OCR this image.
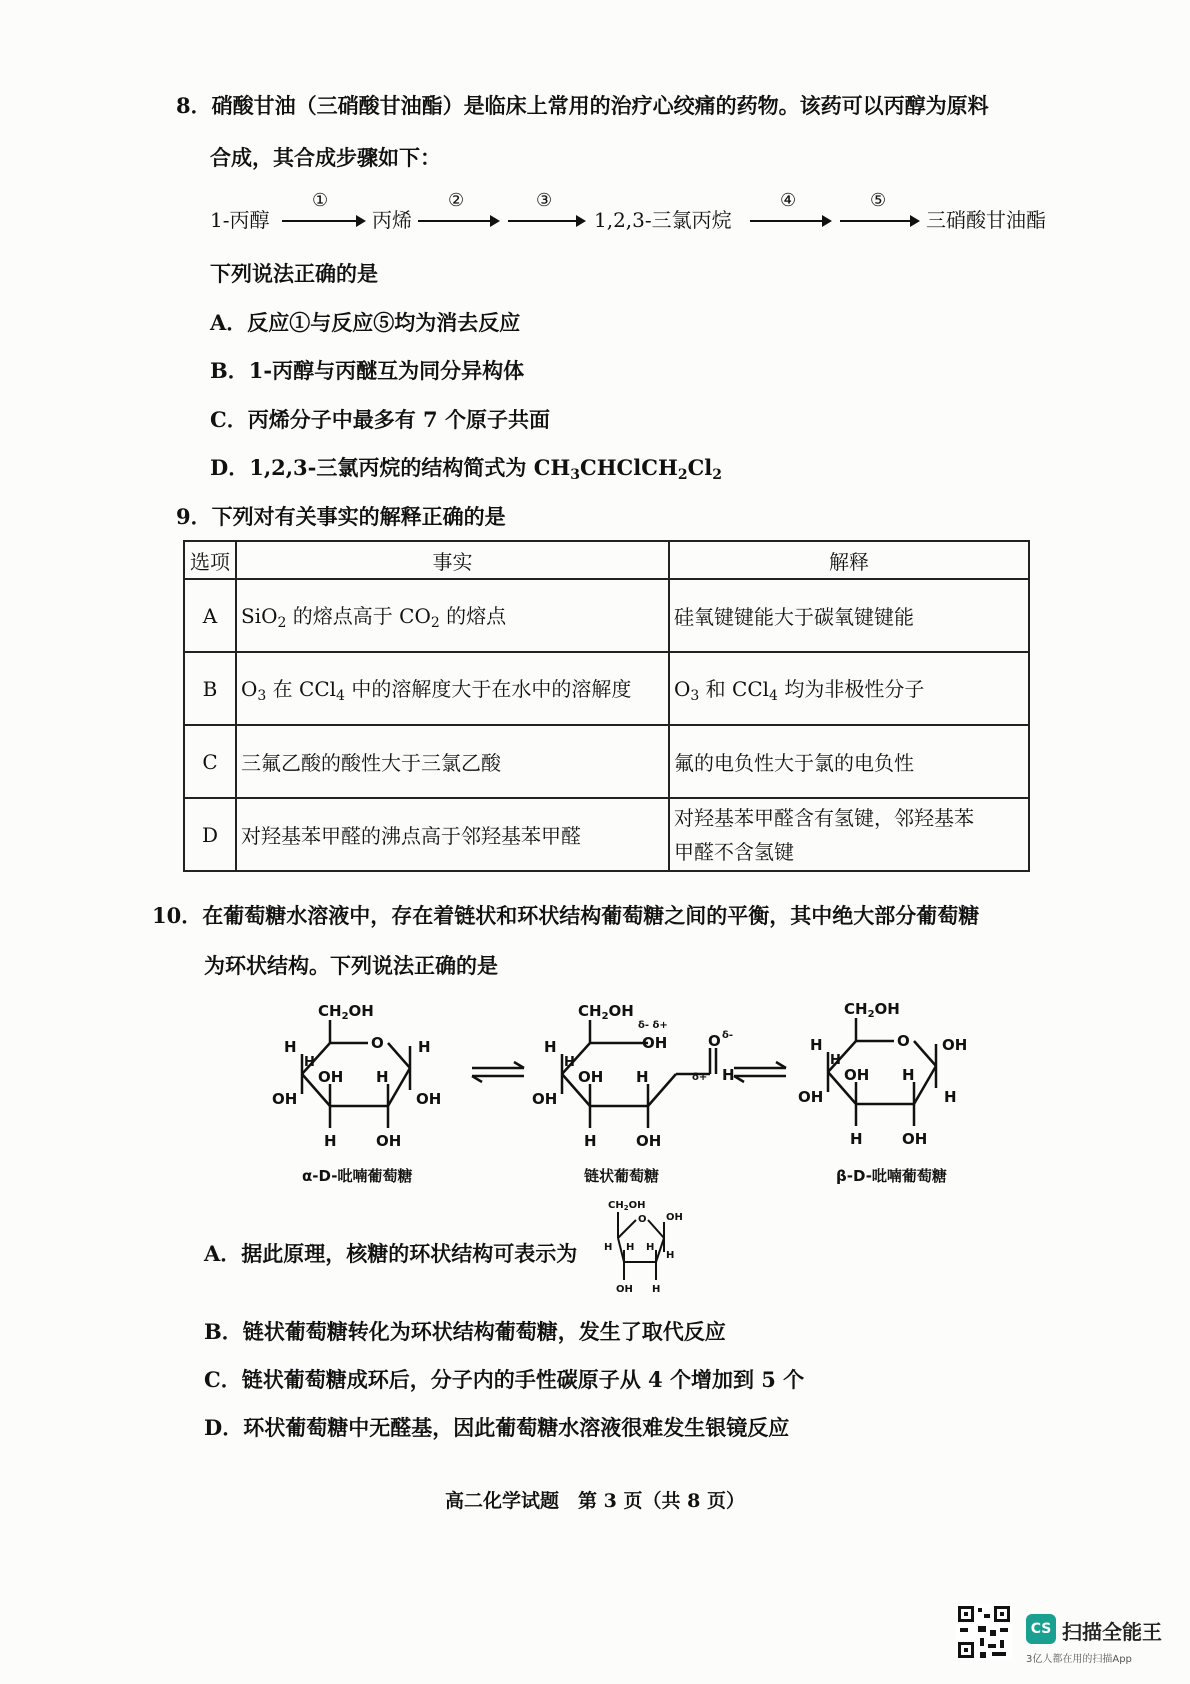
8．硝酸甘油（三硝酸甘油酯）是临床上常用的治疗心绞痛的药物。该药可以丙醇为原料
合成，其合成步骤如下：
1-丙醇
①
丙烯
②	③
1,2,3-三氯丙烷
④	⑤
三硝酸甘油酯
下列说法正确的是
A．反应①与反应⑤均为消去反应
B．1-丙醇与丙醚互为同分异构体
C．丙烯分子中最多有 7 个原子共面
D．1,2,3-三氯丙烷的结构简式为 $CH_3CHClCH_2Cl_2$
9．下列对有关事实的解释正确的是
选项	事实	解释
A	SiO$_2$ 的熔点高于 $CO_2$ 的熔点	硅氧键键能大于碳氧键键能
B	$O_3$ 在 CCl$_4$ 中的溶解度大于在水中的溶解度	$O_3$ 和 CCl$_4$ 均为非极性分子
C	三氟乙酸的酸性大于三氯乙酸	氟的电负性大于氯的电负性
D	对羟基苯甲醛的沸点高于邻羟基苯甲醛	对羟基苯甲醛含有氢键，邻羟基苯
甲醛不含氢键
10．在葡萄糖水溶液中，存在着链状和环状结构葡萄糖之间的平衡，其中绝大部分葡萄糖
为环状结构。下列说法正确的是
$CH_2OH$
O
H	H
H
OH H
OH	OH
H	OH
α-D-吡喃葡萄糖
$CH_2OH$
δ- δ+
OH	O δ-
δ+ H
H
H
OH H
OH
H	OH
链状葡萄糖
$CH_2OH$
O
H	OH
H
OH H
OH	H
H	OH
β-D-吡喃葡萄糖
A．据此原理，核糖的环状结构可表示为
$CH_2OH$
O OH
H
H
H H
OH H
B．链状葡萄糖转化为环状结构葡萄糖，发生了取代反应
C．链状葡萄糖成环后，分子内的手性碳原子从 4 个增加到 5 个
D．环状葡萄糖中无醛基，因此葡萄糖水溶液很难发生银镜反应
高二化学试题　第 3 页（共 8 页）
CS 扫描全能王
3亿人都在用的扫描App
